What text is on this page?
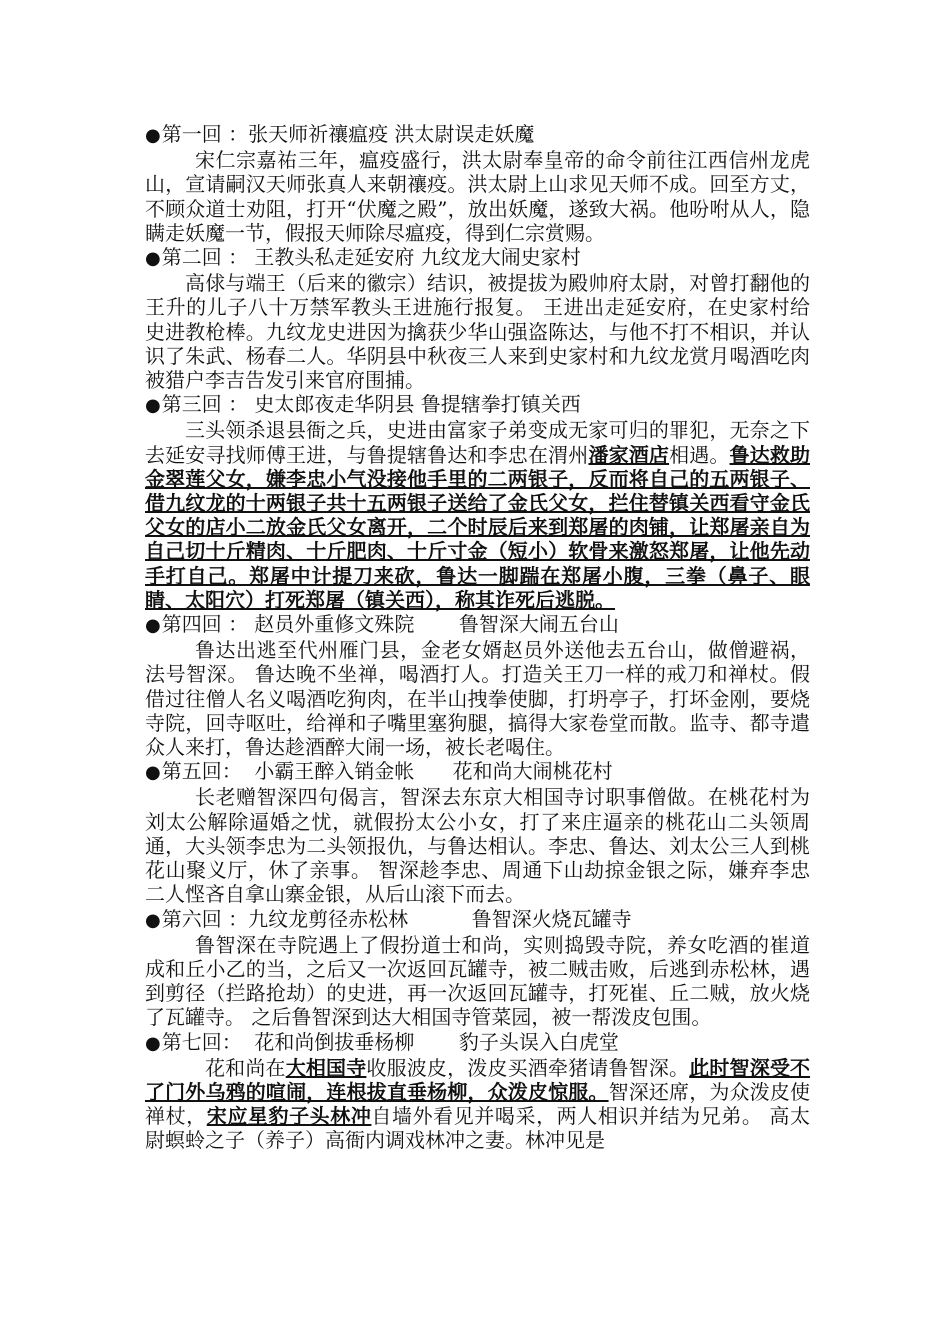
●第一回 ：张天师祈禳瘟疫 洪太尉误走妖魔

宋仁宗嘉祐三年，瘟疫盛行，洪太尉奉皇帝的命令前往江西信州龙虎山，宣请嗣汉天师张真人来朝禳疫。洪太尉上山求见天师不成。回至方丈，不顾众道士劝阻，打开“伏魔之殿”，放出妖魔，遂致大祸。他吩咐从人，隐瞒走妖魔一节，假报天师除尽瘟疫，得到仁宗赏赐。

●第二回 ： 王教头私走延安府 九纹龙大闹史家村

高俅与端王（后来的徽宗）结识，被提拔为殿帅府太尉，对曾打翻他的王升的儿子八十万禁军教头王进施行报复。 王进出走延安府，在史家村给史进教枪棒。九纹龙史进因为擒获少华山强盗陈达，与他不打不相识，并认识了朱武、杨春二人。华阴县中秋夜三人来到史家村和九纹龙赏月喝酒吃肉被猎户李吉告发引来官府围捕。

●第三回 ： 史太郎夜走华阴县 鲁提辖拳打镇关西

三头领杀退县衙之兵，史进由富家子弟变成无家可归的罪犯，无奈之下去延安寻找师傅王进，与鲁提辖鲁达和李忠在渭州潘家酒店相遇。鲁达救助金翠莲父女，嫌李忠小气没接他手里的二两银子，反而将自己的五两银子、借九纹龙的十两银子共十五两银子送给了金氏父女，拦住替镇关西看守金氏父女的店小二放金氏父女离开，二个时辰后来到郑屠的肉铺，让郑屠亲自为自己切十斤精肉、十斤肥肉、十斤寸金（短小）软骨来激怒郑屠，让他先动手打自己。郑屠中计提刀来砍，鲁达一脚踹在郑屠小腹，三拳（鼻子、眼睛、太阳穴）打死郑屠（镇关西），称其诈死后逃脱。

●第四回 ： 赵员外重修文殊院       鲁智深大闹五台山

鲁达出逃至代州雁门县，金老女婿赵员外送他去五台山，做僧避祸，法号智深。 鲁达晚不坐禅，喝酒打人。打造关王刀一样的戒刀和禅杖。假借过往僧人名义喝酒吃狗肉，在半山拽拳使脚，打坍亭子，打坏金刚，要烧寺院，回寺呕吐，给禅和子嘴里塞狗腿，搞得大家卷堂而散。监寺、都寺遣众人来打，鲁达趁酒醉大闹一场，被长老喝住。

●第五回：  小霸王醉入销金帐      花和尚大闹桃花村

长老赠智深四句偈言，智深去东京大相国寺讨职事僧做。在桃花村为刘太公解除逼婚之忧，就假扮太公小女，打了来庄逼亲的桃花山二头领周通，大头领李忠为二头领报仇，与鲁达相认。李忠、鲁达、刘太公三人到桃花山聚义厅，休了亲事。 智深趁李忠、周通下山劫掠金银之际，嫌弃李忠二人悭吝自拿山寨金银，从后山滚下而去。

●第六回 ：九纹龙剪径赤松林          鲁智深火烧瓦罐寺

鲁智深在寺院遇上了假扮道士和尚，实则捣毁寺院，养女吃酒的崔道成和丘小乙的当，之后又一次返回瓦罐寺，被二贼击败，后逃到赤松林，遇到剪径（拦路抢劫）的史进，再一次返回瓦罐寺，打死崔、丘二贼，放火烧了瓦罐寺。 之后鲁智深到达大相国寺管菜园，被一帮泼皮包围。

●第七回：  花和尚倒拔垂杨柳       豹子头误入白虎堂

花和尚在大相国寺收服波皮，泼皮买酒牵猪请鲁智深。此时智深受不了门外乌鸦的喧闹，连根拔直垂杨柳，众泼皮惊服。智深还席，为众泼皮使禅杖，宋应星豹子头林冲自墙外看见并喝采，两人相识并结为兄弟。 高太尉螟蛉之子（养子）高衙内调戏林冲之妻。林冲见是
